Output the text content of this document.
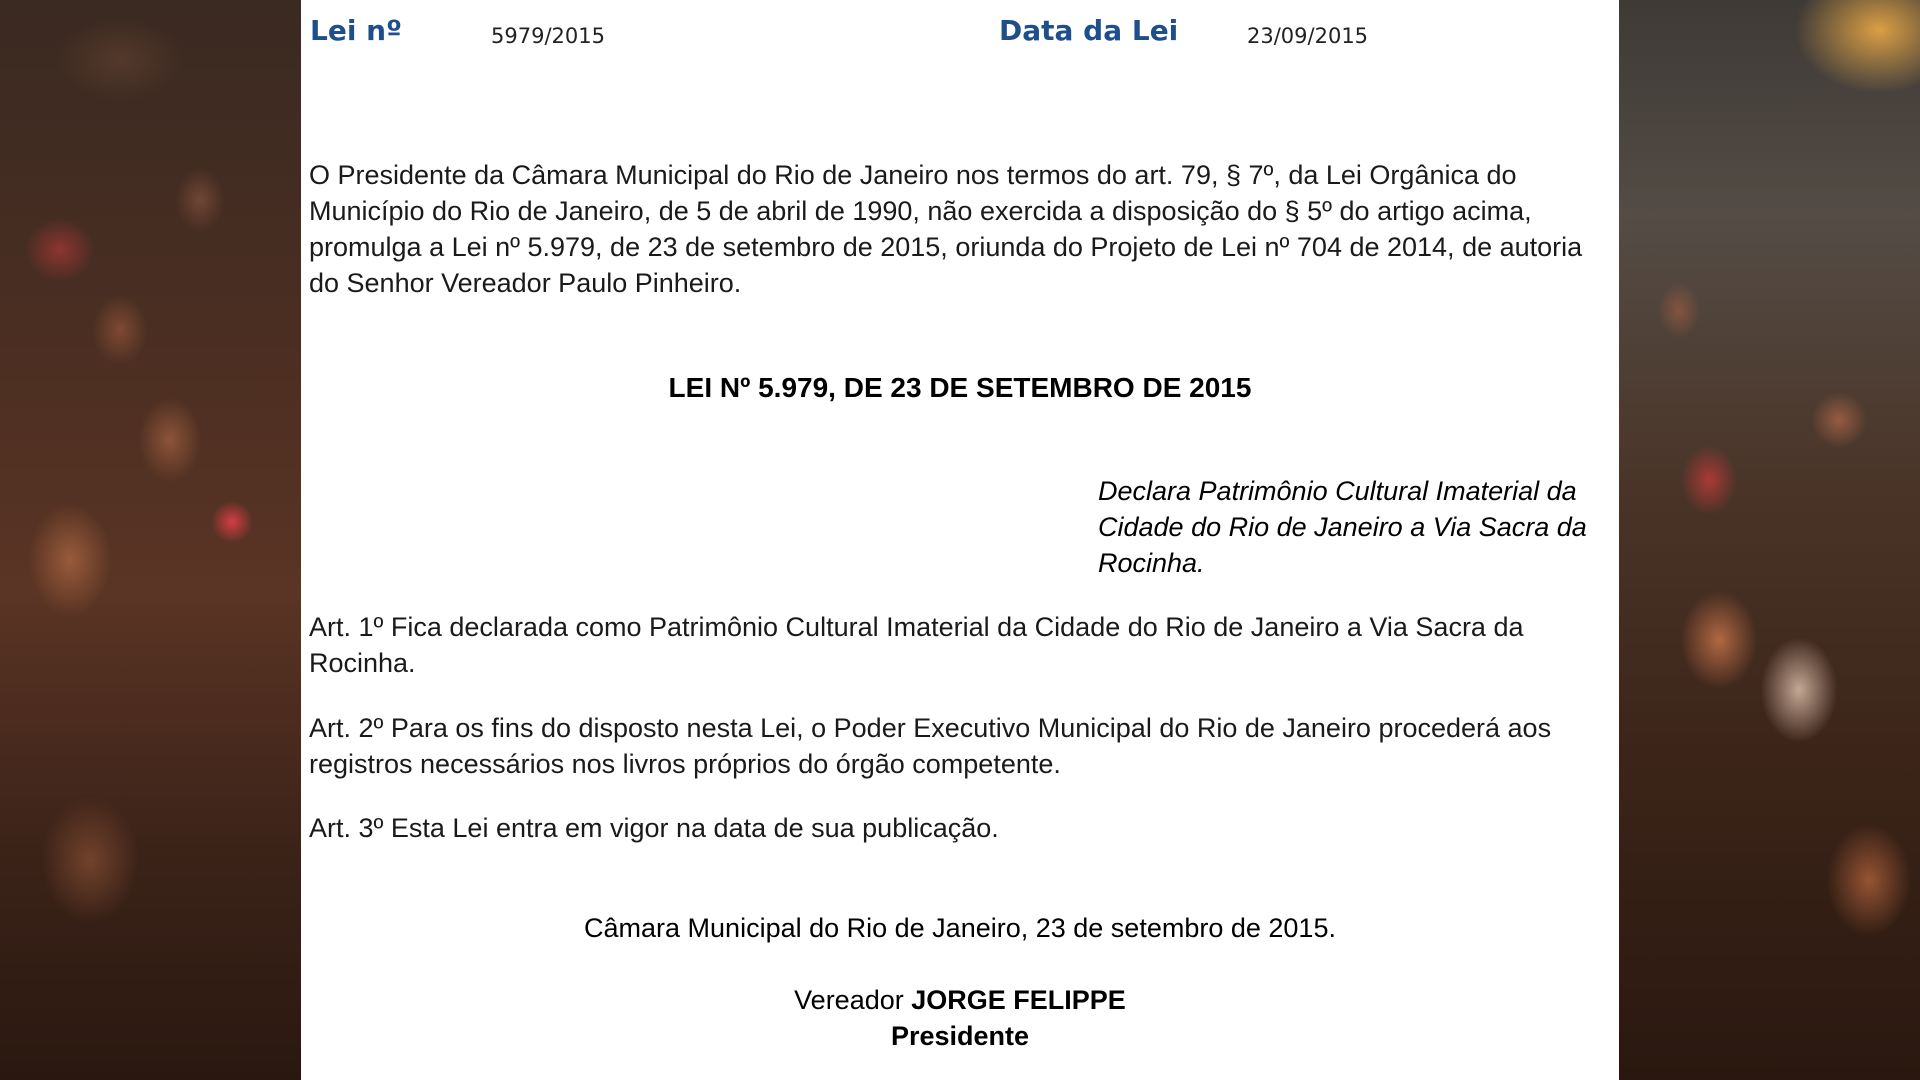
Lei nº	5979/2015	Data da Lei	23/09/2015
O Presidente da Câmara Municipal do Rio de Janeiro nos termos do art. 79, § 7º, da Lei Orgânica do Município do Rio de Janeiro, de 5 de abril de 1990, não exercida a disposição do § 5º do artigo acima, promulga a Lei nº 5.979, de 23 de setembro de 2015, oriunda do Projeto de Lei nº 704 de 2014, de autoria do Senhor Vereador Paulo Pinheiro.
LEI Nº 5.979, DE 23 DE SETEMBRO DE 2015
Declara Patrimônio Cultural Imaterial da Cidade do Rio de Janeiro a Via Sacra da Rocinha.
Art. 1º Fica declarada como Patrimônio Cultural Imaterial da Cidade do Rio de Janeiro a Via Sacra da Rocinha.
Art. 2º Para os fins do disposto nesta Lei, o Poder Executivo Municipal do Rio de Janeiro procederá aos registros necessários nos livros próprios do órgão competente.
Art. 3º Esta Lei entra em vigor na data de sua publicação.
Câmara Municipal do Rio de Janeiro, 23 de setembro de 2015.
Vereador JORGE FELIPPE
Presidente
